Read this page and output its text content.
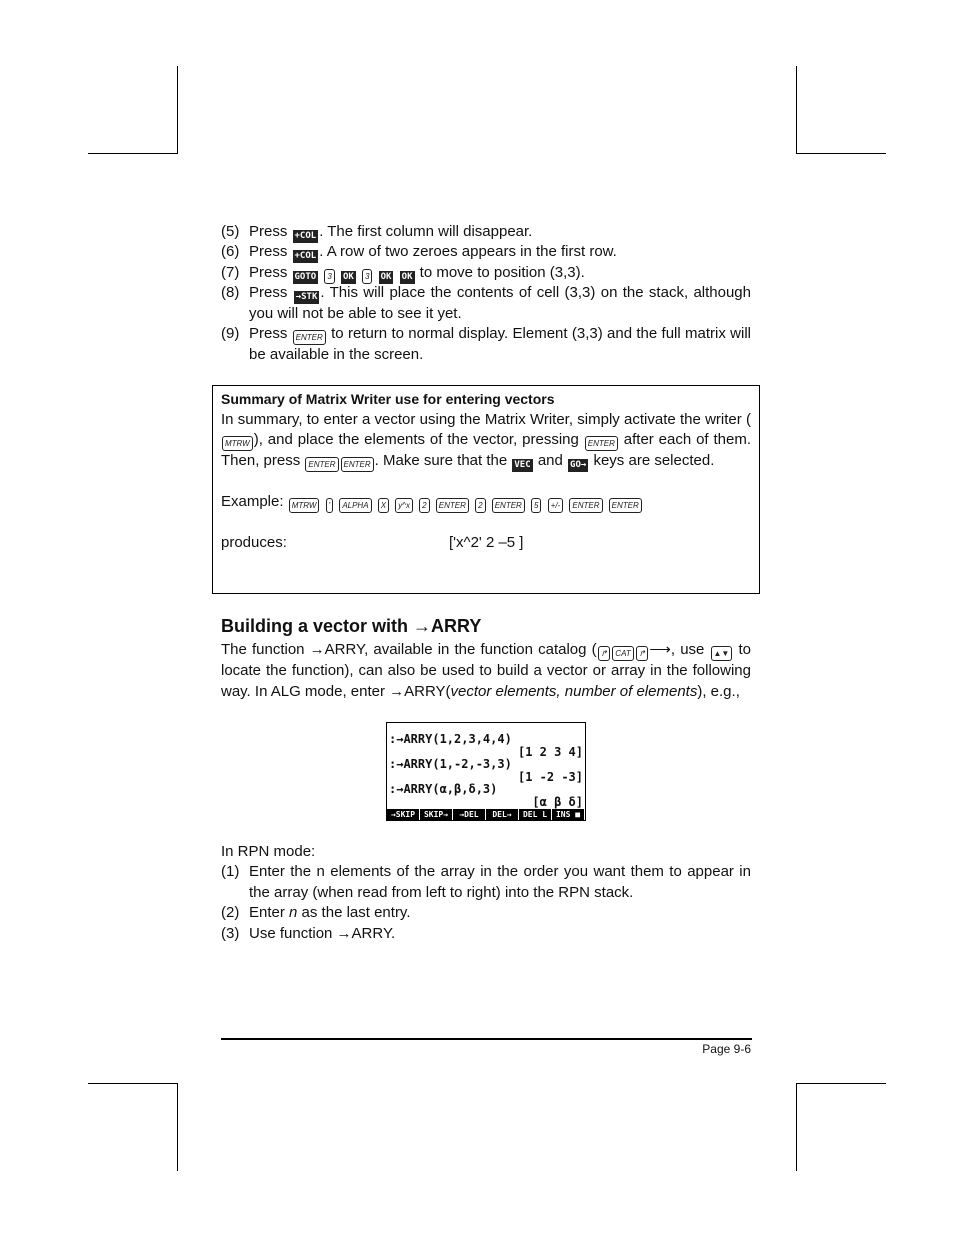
(5) Press +COL . The first column will disappear.
(6) Press +COL . A row of two zeroes appears in the first row.
(7) Press GOTO 3 OK 3 OK OK to move to position (3,3).
(8) Press →STK . This will place the contents of cell (3,3) on the stack, although you will not be able to see it yet.
(9) Press ENTER to return to normal display. Element (3,3) and the full matrix will be available in the screen.
Summary of Matrix Writer use for entering vectors

In summary, to enter a vector using the Matrix Writer, simply activate the writer (MTRW ), and place the elements of the vector, pressing ENTER after each of them. Then, press ENTER ENTER . Make sure that the VEC and GO→ keys are selected.

Example: MTRW ' ALPHA X y^x 2 ENTER 2 ENTER 5 +/- ENTER ENTER

produces:	['x^2' 2 –5 ]

Building a vector with →ARRY
The function →ARRY, available in the function catalog ( ↱ CAT ↱ ⟶, use ▲▼ to locate the function), can also be used to build a vector or array in the following way. In ALG mode, enter →ARRY(vector elements, number of elements), e.g.,
:→ARRY(1,2,3,4,4)
[1 2 3 4]
:→ARRY(1,-2,-3,3)
[1 -2 -3]
:→ARRY(α,β,δ,3)
[α β δ]
→SKIP	SKIP→	→DEL	DEL→	DEL L	INS ■
In RPN mode:
(1) Enter the n elements of the array in the order you want them to appear in the array (when read from left to right) into the RPN stack.
(2) Enter n as the last entry.
(3) Use function →ARRY.
Page 9-6
